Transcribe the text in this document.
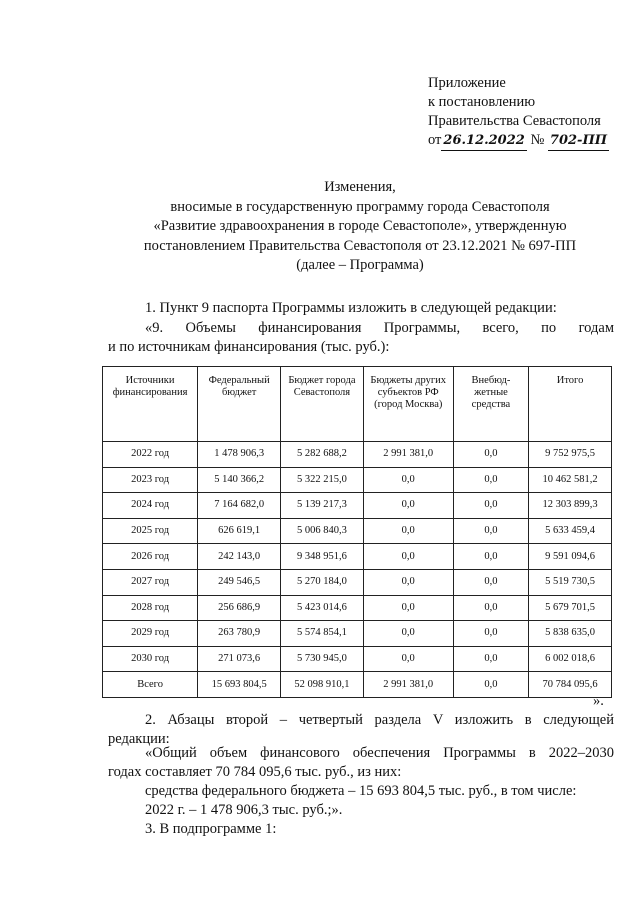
Приложение
к постановлению
Правительства Севастополя
от 26.12.2022 № 702-ПП
Изменения,
вносимые в государственную программу города Севастополя
«Развитие здравоохранения в городе Севастополе», утвержденную
постановлением Правительства Севастополя от 23.12.2021 № 697-ПП
(далее – Программа)
1. Пункт 9 паспорта Программы изложить в следующей редакции:
«9. Объемы финансирования Программы, всего, по годам
и по источникам финансирования (тыс. руб.):
Источники финансирования	Федеральный бюджет	Бюджет города Севастополя	Бюджеты других субъектов РФ (город Москва)	Внебюд-жетные средства	Итого
2022 год	1 478 906,3	5 282 688,2	2 991 381,0	0,0	9 752 975,5
2023 год	5 140 366,2	5 322 215,0	0,0	0,0	10 462 581,2
2024 год	7 164 682,0	5 139 217,3	0,0	0,0	12 303 899,3
2025 год	626 619,1	5 006 840,3	0,0	0,0	5 633 459,4
2026 год	242 143,0	9 348 951,6	0,0	0,0	9 591 094,6
2027 год	249 546,5	5 270 184,0	0,0	0,0	5 519 730,5
2028 год	256 686,9	5 423 014,6	0,0	0,0	5 679 701,5
2029 год	263 780,9	5 574 854,1	0,0	0,0	5 838 635,0
2030 год	271 073,6	5 730 945,0	0,0	0,0	6 002 018,6
Всего	15 693 804,5	52 098 910,1	2 991 381,0	0,0	70 784 095,6
».
2. Абзацы второй – четвертый раздела V изложить в следующей
редакции:
«Общий объем финансового обеспечения Программы в 2022–2030
годах составляет 70 784 095,6 тыс. руб., из них:
средства федерального бюджета – 15 693 804,5 тыс. руб., в том числе:
2022 г. – 1 478 906,3 тыс. руб.;».
3. В подпрограмме 1:
